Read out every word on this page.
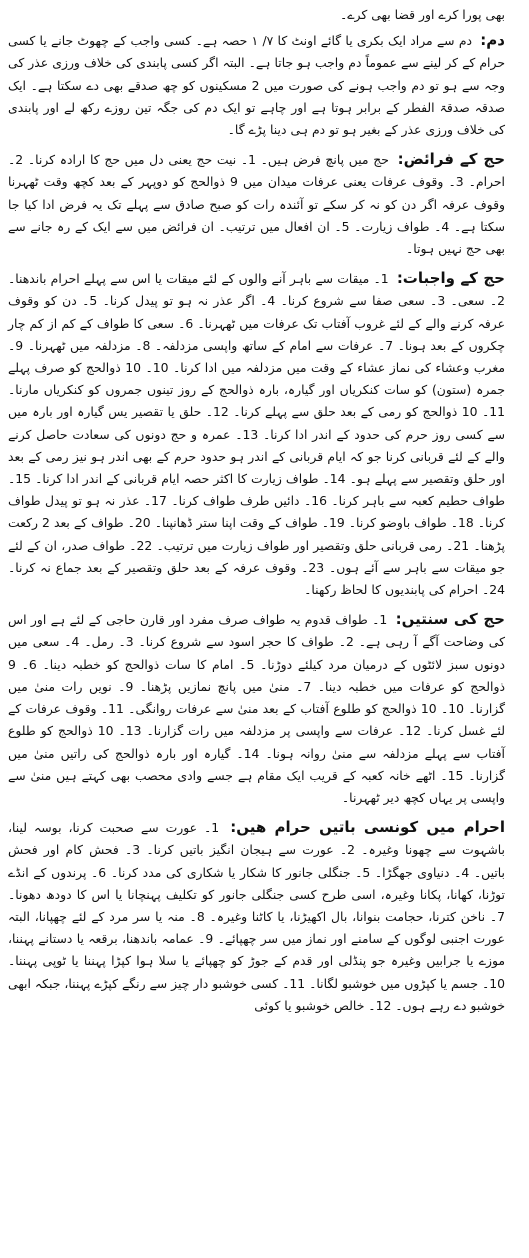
بھی پورا کرے اور قضا بھی کرے۔

دم: دم سے مراد ایک بکری یا گائے اونٹ کا ۷/ ۱ حصہ ہے۔ کسی واجب کے چھوٹ جانے یا کسی حرام کے کر لینے سے عموماً دم واجب ہو جاتا ہے۔ البتہ اگر کسی پابندی کی خلاف ورزی عذر کی وجہ سے ہو تو دم واجب ہونے کی صورت میں 2 مسکینوں کو چھ صدقے بھی دے سکتا ہے۔ ایک صدقہ صدقۃ الفطر کے برابر ہوتا ہے اور چاہے تو ایک دم کی جگہ تین روزے رکھ لے اور پابندی کی خلاف ورزی عذر کے بغیر ہو تو دم ہی دینا پڑے گا۔

حج کے فرائض: حج میں پانچ فرض ہیں۔ 1۔ نیت حج یعنی دل میں حج کا ارادہ کرنا۔ 2۔ احرام۔ 3۔ وقوف عرفات یعنی عرفات میدان میں 9 ذوالحج کو دوپہر کے بعد کچھ وقت ٹھہرنا وقوف عرفہ اگر دن کو نہ کر سکے تو آئندہ رات کو صبح صادق سے پہلے تک یہ فرض ادا کیا جا سکتا ہے۔ 4۔ طواف زیارت۔ 5۔ ان افعال میں ترتیب۔ ان فرائض میں سے ایک کے رہ جانے سے بھی حج نہیں ہوتا۔

حج کے واجبات: 1۔ میقات سے باہر آنے والوں کے لئے میقات یا اس سے پہلے احرام باندھنا۔ 2۔ سعی۔ 3۔ سعی صفا سے شروع کرنا۔ 4۔ اگر عذر نہ ہو تو پیدل کرنا۔ 5۔ دن کو وقوف عرفہ کرنے والے کے لئے غروب آفتاب تک عرفات میں ٹھہرنا۔ 6۔ سعی کا طواف کے کم از کم چار چکروں کے بعد ہونا۔ 7۔ عرفات سے امام کے ساتھ واپسی مزدلفہ۔ 8۔ مزدلفہ میں ٹھہرنا۔ 9۔ مغرب وعشاء کی نماز عشاء کے وقت میں مزدلفہ میں ادا کرنا۔ 10۔ 10 ذوالحج کو صرف پہلے جمرہ (ستون) کو سات کنکریاں اور گیارہ، بارہ ذوالحج کے روز تینوں جمروں کو کنکریاں مارنا۔ 11۔ 10 ذوالحج کو رمی کے بعد حلق سے پہلے کرنا۔ 12۔ حلق یا تقصیر یس گیارہ اور بارہ میں سے کسی روز حرم کی حدود کے اندر ادا کرنا۔ 13۔ عمرہ و حج دونوں کی سعادت حاصل کرنے والے کے لئے قربانی کرنا جو کہ ایام قربانی کے اندر ہو حدود حرم کے بھی اندر ہو نیز رمی کے بعد اور حلق وتقصیر سے پہلے ہو۔ 14۔ طواف زیارت کا اکثر حصہ ایام قربانی کے اندر ادا کرنا۔ 15۔ طواف حطیم کعبہ سے باہر کرنا۔ 16۔ دائیں طرف طواف کرنا۔ 17۔ عذر نہ ہو تو پیدل طواف کرنا۔ 18۔ طواف باوضو کرنا۔ 19۔ طواف کے وقت اپنا ستر ڈھانپنا۔ 20۔ طواف کے بعد 2 رکعت پڑھنا۔ 21۔ رمی قربانی حلق وتقصیر اور طواف زیارت میں ترتیب۔ 22۔ طواف صدر، ان کے لئے جو میقات سے باہر سے آئے ہوں۔ 23۔ وقوف عرفہ کے بعد حلق وتقصیر کے بعد جماع نہ کرنا۔ 24۔ احرام کی پابندیوں کا لحاظ رکھنا۔

حج کی سنتیں: 1۔ طواف قدوم یہ طواف صرف مفرد اور قارن حاجی کے لئے ہے اور اس کی وضاحت آگے آ رہی ہے۔ 2۔ طواف کا حجر اسود سے شروع کرنا۔ 3۔ رمل۔ 4۔ سعی میں دونوں سبز لائٹوں کے درمیان مرد کیلئے دوڑنا۔ 5۔ امام کا سات ذوالحج کو خطبہ دینا۔ 6۔ 9 ذوالحج کو عرفات میں خطبہ دینا۔ 7۔ منیٰ میں پانچ نمازیں پڑھنا۔ 9۔ نویں رات منیٰ میں گزارنا۔ 10۔ 10 ذوالحج کو طلوع آفتاب کے بعد منیٰ سے عرفات روانگی۔ 11۔ وقوف عرفات کے لئے غسل کرنا۔ 12۔ عرفات سے واپسی پر مزدلفہ میں رات گزارنا۔ 13۔ 10 ذوالحج کو طلوع آفتاب سے پہلے مزدلفہ سے منیٰ روانہ ہونا۔ 14۔ گیارہ اور بارہ ذوالحج کی راتیں منیٰ میں گزارنا۔ 15۔ اٹھے خانہ کعبہ کے قریب ایک مقام ہے جسے وادی محصب بھی کہتے ہیں منیٰ سے واپسی پر یہاں کچھ دیر ٹھہرنا۔

احرام میں کونسی باتیں حرام ھیں: 1۔ عورت سے صحبت کرنا، بوسہ لینا، باشہوت سے چھونا وغیرہ۔ 2۔ عورت سے ہیجان انگیز باتیں کرنا۔ 3۔ فحش کام اور فحش باتیں۔ 4۔ دنیاوی جھگڑا۔ 5۔ جنگلی جانور کا شکار یا شکاری کی مدد کرنا۔ 6۔ پرندوں کے انڈے توڑنا، کھانا، پکانا وغیرہ، اسی طرح کسی جنگلی جانور کو تکلیف پہنچانا یا اس کا دودھ دھونا۔ 7۔ ناخن کترنا، حجامت بنوانا، بال اکھیڑنا، یا کاٹنا وغیرہ۔ 8۔ منہ یا سر مرد کے لئے چھپانا، البتہ عورت اجنبی لوگوں کے سامنے اور نماز میں سر چھپائے۔ 9۔ عمامہ باندھنا، برقعہ یا دستانے پہننا، موزے یا جرابیں وغیرہ جو پنڈلی اور قدم کے جوڑ کو چھپائے یا سلا ہوا کپڑا پہننا یا ٹوپی پہننا۔ 10۔ جسم یا کپڑوں میں خوشبو لگانا۔ 11۔ کسی خوشبو دار چیز سے رنگے کپڑے پہننا، جبکہ ابھی خوشبو دے رہے ہوں۔ 12۔ خالص خوشبو یا کوئی
